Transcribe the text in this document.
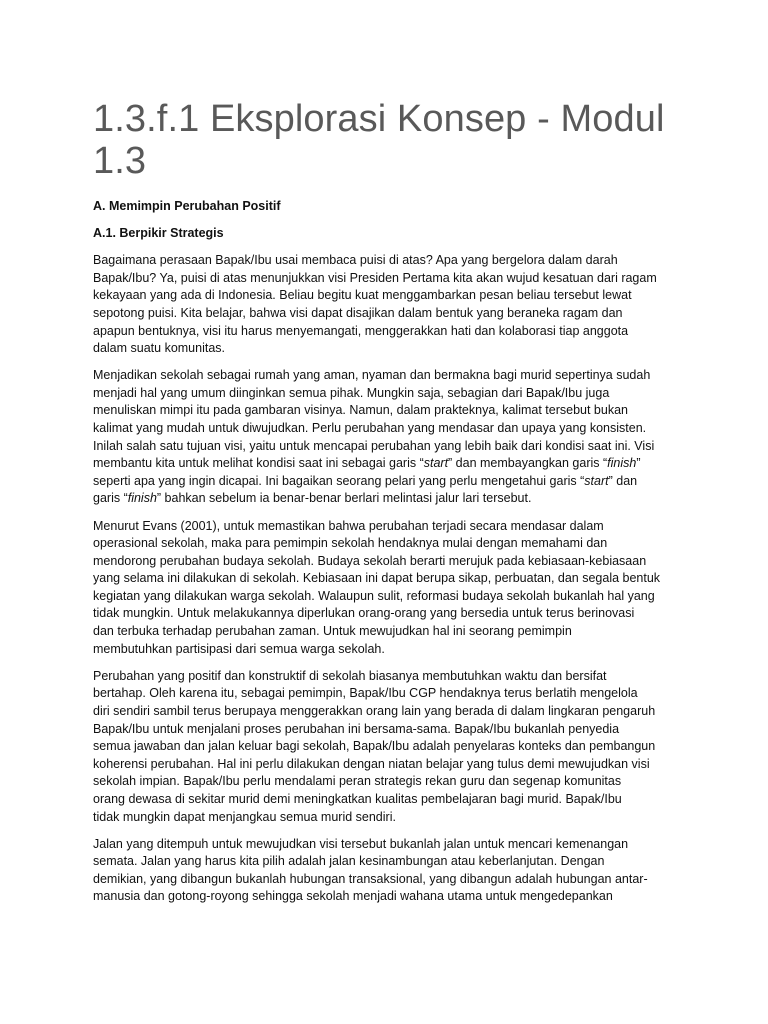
1.3.f.1 Eksplorasi Konsep - Modul
1.3
A. Memimpin Perubahan Positif
A.1. Berpikir Strategis
Bagaimana perasaan Bapak/Ibu usai membaca puisi di atas? Apa yang bergelora dalam darah
Bapak/Ibu? Ya, puisi di atas menunjukkan visi Presiden Pertama kita akan wujud kesatuan dari ragam
kekayaan yang ada di Indonesia. Beliau begitu kuat menggambarkan pesan beliau tersebut lewat
sepotong puisi. Kita belajar, bahwa visi dapat disajikan dalam bentuk yang beraneka ragam dan
apapun bentuknya, visi itu harus menyemangati, menggerakkan hati dan kolaborasi tiap anggota
dalam suatu komunitas.
Menjadikan sekolah sebagai rumah yang aman, nyaman dan bermakna bagi murid sepertinya sudah
menjadi hal yang umum diinginkan semua pihak. Mungkin saja, sebagian dari Bapak/Ibu juga
menuliskan mimpi itu pada gambaran visinya. Namun, dalam prakteknya, kalimat tersebut bukan
kalimat yang mudah untuk diwujudkan. Perlu perubahan yang mendasar dan upaya yang konsisten.
Inilah salah satu tujuan visi, yaitu untuk mencapai perubahan yang lebih baik dari kondisi saat ini. Visi
membantu kita untuk melihat kondisi saat ini sebagai garis “start” dan membayangkan garis “finish”
seperti apa yang ingin dicapai. Ini bagaikan seorang pelari yang perlu mengetahui garis “start” dan
garis “finish” bahkan sebelum ia benar-benar berlari melintasi jalur lari tersebut.
Menurut Evans (2001), untuk memastikan bahwa perubahan terjadi secara mendasar dalam
operasional sekolah, maka para pemimpin sekolah hendaknya mulai dengan memahami dan
mendorong perubahan budaya sekolah. Budaya sekolah berarti merujuk pada kebiasaan-kebiasaan
yang selama ini dilakukan di sekolah. Kebiasaan ini dapat berupa sikap, perbuatan, dan segala bentuk
kegiatan yang dilakukan warga sekolah. Walaupun sulit, reformasi budaya sekolah bukanlah hal yang
tidak mungkin. Untuk melakukannya diperlukan orang-orang yang bersedia untuk terus berinovasi
dan terbuka terhadap perubahan zaman. Untuk mewujudkan hal ini seorang pemimpin
membutuhkan partisipasi dari semua warga sekolah.
Perubahan yang positif dan konstruktif di sekolah biasanya membutuhkan waktu dan bersifat
bertahap. Oleh karena itu, sebagai pemimpin, Bapak/Ibu CGP hendaknya terus berlatih mengelola
diri sendiri sambil terus berupaya menggerakkan orang lain yang berada di dalam lingkaran pengaruh
Bapak/Ibu untuk menjalani proses perubahan ini bersama-sama. Bapak/Ibu bukanlah penyedia
semua jawaban dan jalan keluar bagi sekolah, Bapak/Ibu adalah penyelaras konteks dan pembangun
koherensi perubahan. Hal ini perlu dilakukan dengan niatan belajar yang tulus demi mewujudkan visi
sekolah impian. Bapak/Ibu perlu mendalami peran strategis rekan guru dan segenap komunitas
orang dewasa di sekitar murid demi meningkatkan kualitas pembelajaran bagi murid. Bapak/Ibu
tidak mungkin dapat menjangkau semua murid sendiri.
Jalan yang ditempuh untuk mewujudkan visi tersebut bukanlah jalan untuk mencari kemenangan
semata. Jalan yang harus kita pilih adalah jalan kesinambungan atau keberlanjutan. Dengan
demikian, yang dibangun bukanlah hubungan transaksional, yang dibangun adalah hubungan antar-
manusia dan gotong-royong sehingga sekolah menjadi wahana utama untuk mengedepankan
